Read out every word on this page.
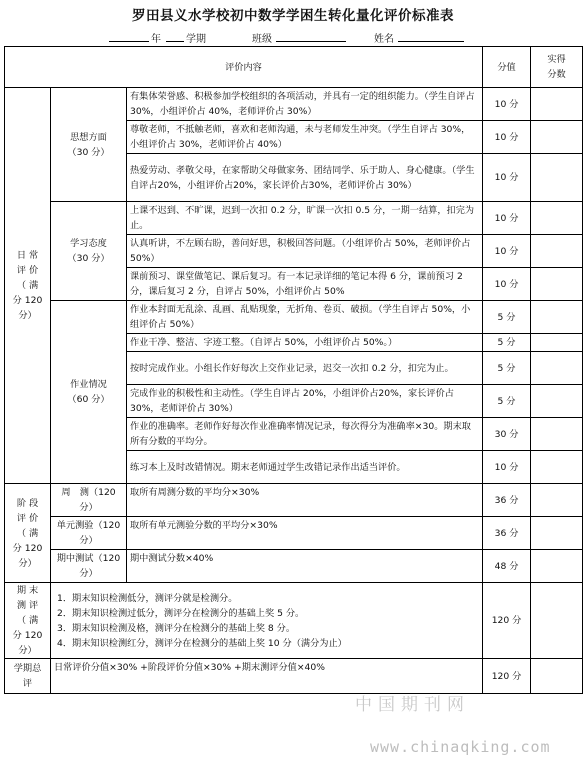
罗田县义水学校初中数学学困生转化量化评价标准表
年	学期	班级	姓名
评价内容			分值	实得
分数
日 常 评 价 （ 满 分 120 分）	思想方面（30 分）	有集体荣誉感、积极参加学校组织的各项活动，并具有一定的组织能力。（学生自评占 30%，小组评价占 40%，老师评价占 30%）	10 分	
		尊敬老师，不抵触老师，喜欢和老师沟通，未与老师发生冲突。（学生自评占 30%，小组评价占 30%，老师评价占 40%）	10 分	
		热爱劳动、孝敬父母，在家帮助父母做家务、团结同学、乐于助人、身心健康。（学生自评占20%，小组评价占20%，家长评价占30%，老师评价占 30%）	10 分	
	学习态度（30 分）	上课不迟到、不旷课，迟到一次扣 0.2 分，旷课一次扣 0.5 分，一期一结算，扣完为止。	10 分	
		认真听讲，不左顾右盼，善问好思，积极回答问题。（小组评价占 50%，老师评价占 50%）	10 分	
		课前预习、课堂做笔记、课后复习。有一本记录详细的笔记本得 6 分，课前预习 2 分，课后复习 2 分，自评占 50%，小组评价占 50%	10 分	
	作业情况（60 分）	作业本封面无乱涂、乱画、乱贴现象，无折角、卷页、破损。（学生自评占 50%，小组评价占 50%）	5 分	
		作业干净、整洁、字迹工整。（自评占 50%，小组评价占 50%。）	5 分	
		按时完成作业。小组长作好每次上交作业记录，迟交一次扣 0.2 分，扣完为止。	5 分	
		完成作业的积极性和主动性。（学生自评占 20%，小组评价占20%，家长评价占 30%，老师评价占 30%）	5 分	
		作业的准确率。老师作好每次作业准确率情况记录，每次得分为准确率×30。期末取所有分数的平均分。	30 分	
		练习本上及时改错情况。期末老师通过学生改错记录作出适当评价。	10 分	
阶 段 评 价 （ 满 分 120 分）	周　测（120 分）	取所有周测分数的平均分×30%	36 分	
	单元测验（120 分）	取所有单元测验分数的平均分×30%	36 分	
	期中测试（120 分）	期中测试分数×40%	48 分	
期 末 测 评 （ 满 分 120 分）	1．期末知识检测低分，测评分就是检测分。
2．期末知识检测过低分，测评分在检测分的基础上奖 5 分。
3．期末知识检测及格，测评分在检测分的基础上奖 8 分。
4．期末知识检测红分，测评分在检测分的基础上奖 10 分（满分为止）		120 分	
学期总评	日常评价分值×30% +阶段评价分值×30% +期末测评分值×40%		120 分	
中国期刊网
www.chinaqking.com
